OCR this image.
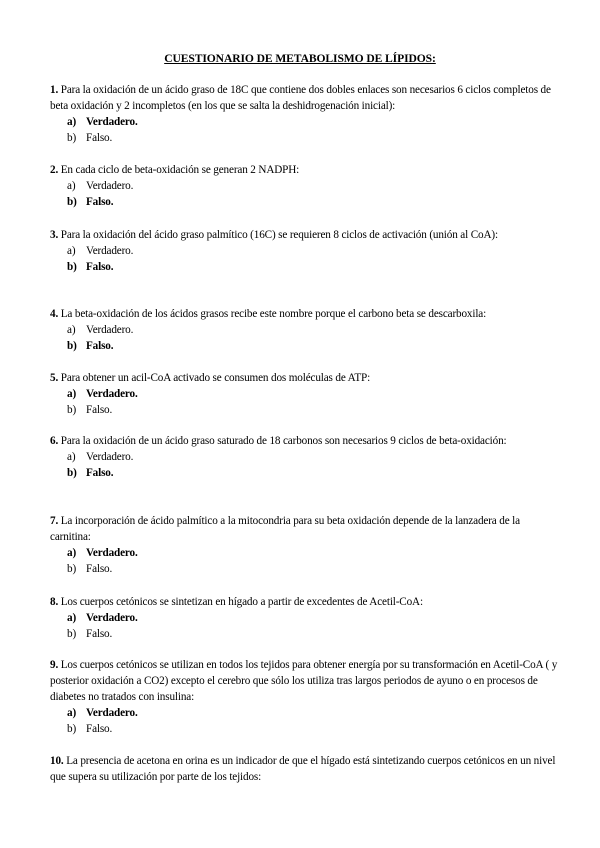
CUESTIONARIO DE METABOLISMO DE LÍPIDOS:
1. Para la oxidación de un ácido graso de 18C que contiene dos dobles enlaces son necesarios 6 ciclos completos de beta oxidación y 2 incompletos (en los que se salta la deshidrogenación inicial):
a) Verdadero.
b) Falso.
2. En cada ciclo de beta-oxidación se generan 2 NADPH:
a) Verdadero.
b) Falso.
3. Para la oxidación del ácido graso palmítico (16C) se requieren 8 ciclos de activación (unión al CoA):
a) Verdadero.
b) Falso.
4. La beta-oxidación de los ácidos grasos recibe este nombre porque el carbono beta se descarboxila:
a) Verdadero.
b) Falso.
5. Para obtener un acil-CoA activado se consumen dos moléculas de ATP:
a) Verdadero.
b) Falso.
6. Para la oxidación de un ácido graso saturado de 18 carbonos son necesarios 9 ciclos de beta-oxidación:
a) Verdadero.
b) Falso.
7. La incorporación de ácido palmítico a la mitocondria para su beta oxidación depende de la lanzadera de la carnitina:
a) Verdadero.
b) Falso.
8. Los cuerpos cetónicos se sintetizan en hígado a partir de excedentes de Acetil-CoA:
a) Verdadero.
b) Falso.
9. Los cuerpos cetónicos se utilizan en todos los tejidos para obtener energía por su transformación en Acetil-CoA ( y posterior oxidación a CO2) excepto el cerebro que sólo los utiliza tras largos periodos de ayuno o en procesos de diabetes no tratados con insulina:
a) Verdadero.
b) Falso.
10. La presencia de acetona en orina es un indicador de que el hígado está sintetizando cuerpos cetónicos en un nivel que supera su utilización por parte de los tejidos:
